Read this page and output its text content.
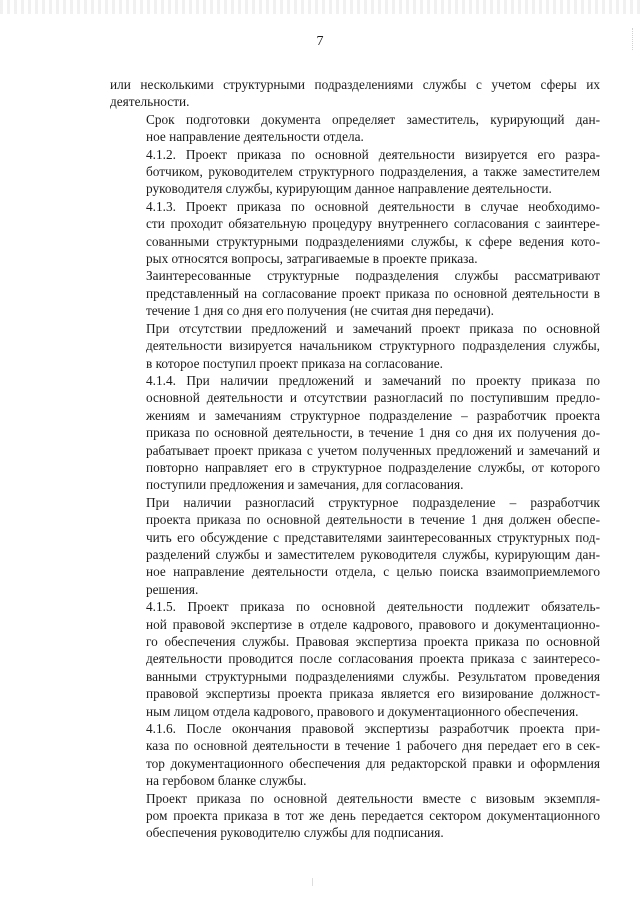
7

или несколькими структурными подразделениями службы с учетом сферы их
деятельности.

Срок подготовки документа определяет заместитель, курирующий дан-
ное направление деятельности отдела.

4.1.2. Проект приказа по основной деятельности визируется его разра-
ботчиком, руководителем структурного подразделения, а также заместителем
руководителя службы, курирующим данное направление деятельности.

4.1.3. Проект приказа по основной деятельности в случае необходимо-
сти проходит обязательную процедуру внутреннего согласования с заинтере-
сованными структурными подразделениями службы, к сфере ведения кото-
рых относятся вопросы, затрагиваемые в проекте приказа.

Заинтересованные структурные подразделения службы рассматривают
представленный на согласование проект приказа по основной деятельности в
течение 1 дня со дня его получения (не считая дня передачи).

При отсутствии предложений и замечаний проект приказа по основной
деятельности визируется начальником структурного подразделения службы,
в которое поступил проект приказа на согласование.

4.1.4. При наличии предложений и замечаний по проекту приказа по
основной деятельности и отсутствии разногласий по поступившим предло-
жениям и замечаниям структурное подразделение – разработчик проекта
приказа по основной деятельности, в течение 1 дня со дня их получения до-
рабатывает проект приказа с учетом полученных предложений и замечаний и
повторно направляет его в структурное подразделение службы, от которого
поступили предложения и замечания, для согласования.

При наличии разногласий структурное подразделение – разработчик
проекта приказа по основной деятельности в течение 1 дня должен обеспе-
чить его обсуждение с представителями заинтересованных структурных под-
разделений службы и заместителем руководителя службы, курирующим дан-
ное направление деятельности отдела, с целью поиска взаимоприемлемого
решения.

4.1.5. Проект приказа по основной деятельности подлежит обязатель-
ной правовой экспертизе в отделе кадрового, правового и документационно-
го обеспечения службы. Правовая экспертиза проекта приказа по основной
деятельности проводится после согласования проекта приказа с заинтересо-
ванными структурными подразделениями службы. Результатом проведения
правовой экспертизы проекта приказа является его визирование должност-
ным лицом отдела кадрового, правового и документационного обеспечения.

4.1.6. После окончания правовой экспертизы разработчик проекта при-
каза по основной деятельности в течение 1 рабочего дня передает его в сек-
тор документационного обеспечения для редакторской правки и оформления
на гербовом бланке службы.

Проект приказа по основной деятельности вместе с визовым экземпля-
ром проекта приказа в тот же день передается сектором документационного
обеспечения руководителю службы для подписания.
